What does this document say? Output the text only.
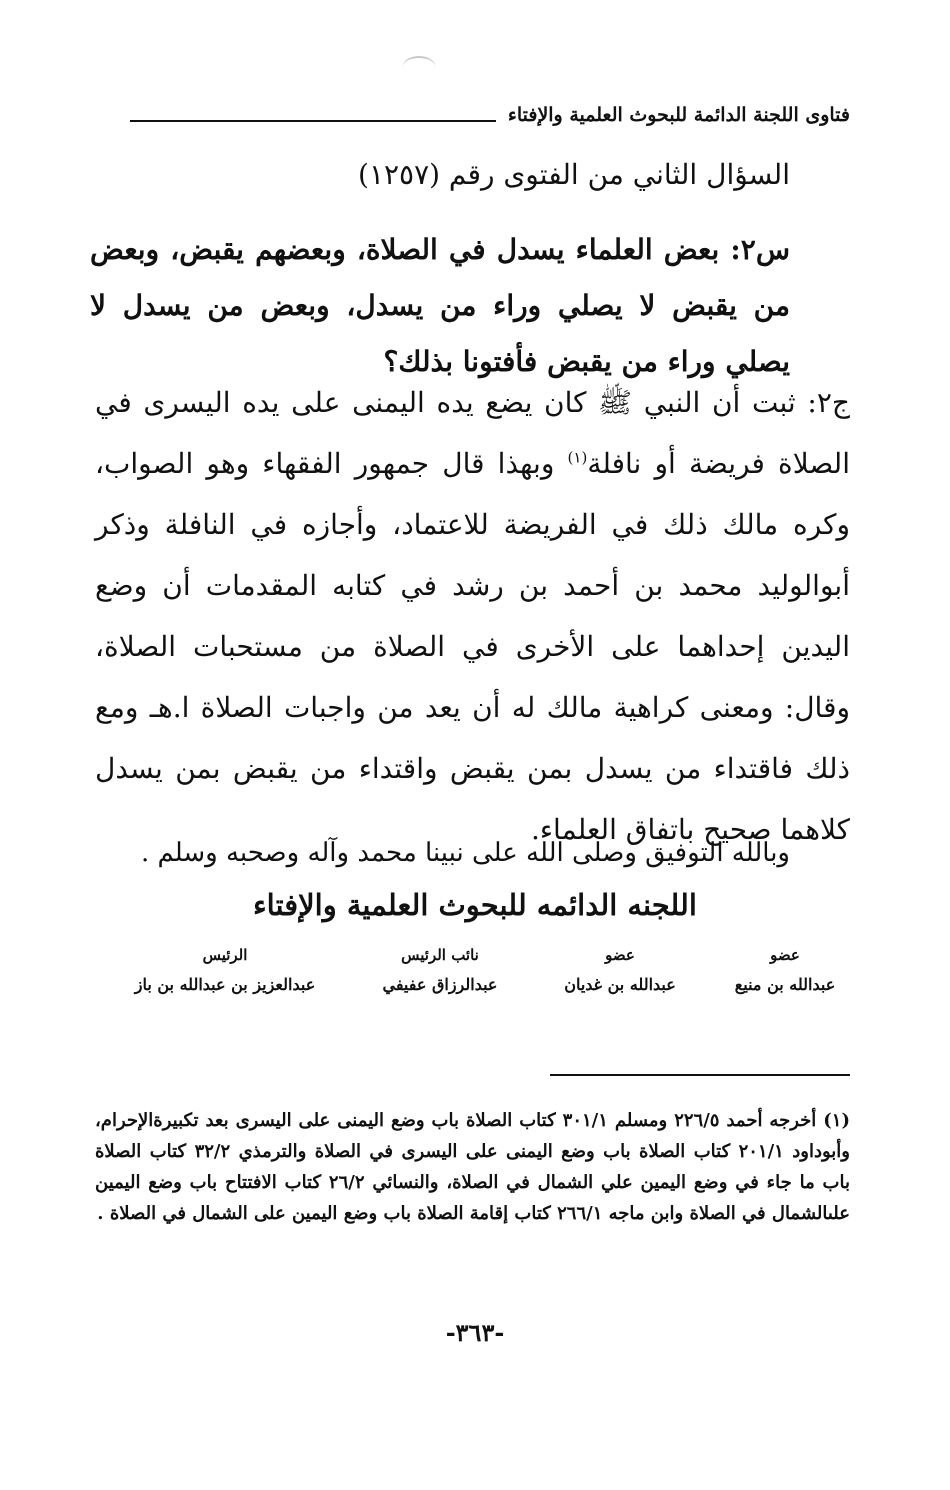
فتاوى اللجنة الدائمة للبحوث العلمية والإفتاء
السؤال الثاني من الفتوى رقم (١٢٥٧)
س٢: بعض العلماء يسدل في الصلاة، وبعضهم يقبض، وبعض من يقبض لا يصلي وراء من يسدل، وبعض من يسدل لا يصلي وراء من يقبض فأفتونا بذلك؟
ج٢: ثبت أن النبي ﷺ كان يضع يده اليمنى على يده اليسرى في الصلاة فريضة أو نافلة$^{(١)}$ وبهذا قال جمهور الفقهاء وهو الصواب، وكره مالك ذلك في الفريضة للاعتماد، وأجازه في النافلة وذكر أبوالوليد محمد بن أحمد بن رشد في كتابه المقدمات أن وضع اليدين إحداهما على الأخرى في الصلاة من مستحبات الصلاة، وقال: ومعنى كراهية مالك له أن يعد من واجبات الصلاة ا.هـ ومع ذلك فاقتداء من يسدل بمن يقبض واقتداء من يقبض بمن يسدل كلاهما صحيح باتفاق العلماء.
وبالله التوفيق وصلى الله على نبينا محمد وآله وصحبه وسلم .
اللجنه الدائمه للبحوث العلمية والإفتاء
عضو
عبدالله بن منيع
عضو
عبدالله بن غديان
نائب الرئيس
عبدالرزاق عفيفي
الرئيس
عبدالعزيز بن عبدالله بن باز
(١) أخرجه أحمد ٢٢٦/٥ ومسلم ٣٠١/١ كتاب الصلاة باب وضع اليمنى على اليسرى بعد تكبيرةالإحرام، وأبوداود ٢٠١/١ كتاب الصلاة باب وضع اليمنى على اليسرى في الصلاة والترمذي ٣٢/٢ كتاب الصلاة باب ما جاء في وضع اليمين علي الشمال في الصلاة، والنسائي ٢٦/٢ كتاب الافتتاح باب وضع اليمين علىالشمال في الصلاة وابن ماجه ٢٦٦/١ كتاب إقامة الصلاة باب وضع اليمين على الشمال في الصلاة .
-٣٦٣-
